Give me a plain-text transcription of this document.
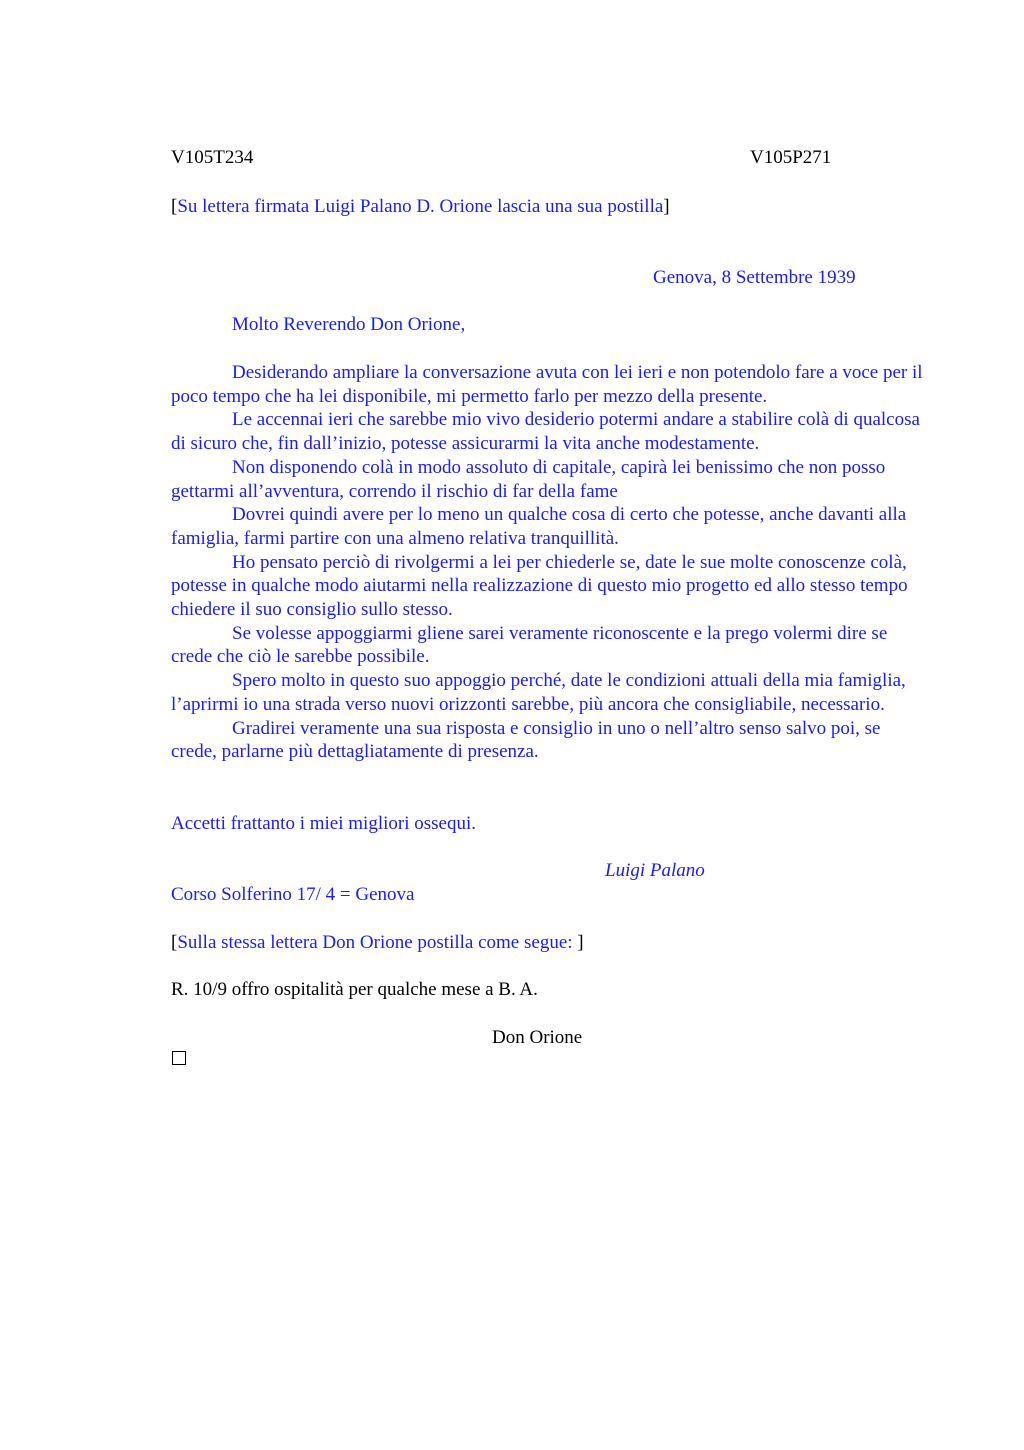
V105T234	V105P271
[Su lettera firmata Luigi Palano D. Orione lascia una sua postilla]
Genova, 8 Settembre 1939
Molto Reverendo Don Orione,

Desiderando ampliare la conversazione avuta con lei ieri e non potendolo fare a voce per il poco tempo che ha lei disponibile, mi permetto farlo per mezzo della presente.

Le accennai ieri che sarebbe mio vivo desiderio potermi andare a stabilire colà di qualcosa di sicuro che, fin dall’inizio, potesse assicurarmi la vita anche modestamente.

Non disponendo colà in modo assoluto di capitale, capirà lei benissimo che non posso gettarmi all’avventura, correndo il rischio di far della fame

Dovrei quindi avere per lo meno un qualche cosa di certo che potesse, anche davanti alla famiglia, farmi partire con una almeno relativa tranquillità.

Ho pensato perciò di rivolgermi a lei per chiederle se, date le sue molte conoscenze colà, potesse in qualche modo aiutarmi nella realizzazione di questo mio progetto ed allo stesso tempo chiedere il suo consiglio sullo stesso.

Se volesse appoggiarmi gliene sarei veramente riconoscente e la prego volermi dire se crede che ciò le sarebbe possibile.

Spero molto in questo suo appoggio perché, date le condizioni attuali della mia famiglia, l’aprirmi io una strada verso nuovi orizzonti sarebbe, più ancora che consigliabile, necessario.

Gradirei veramente una sua risposta e consiglio in uno o nell’altro senso salvo poi, se crede, parlarne più dettagliatamente di presenza.

Accetti frattanto i miei migliori ossequi.
Luigi Palano
Corso Solferino 17/ 4 = Genova
[Sulla stessa lettera Don Orione postilla come segue: ]
R. 10/9 offro ospitalità per qualche mese a B. A.
Don Orione
